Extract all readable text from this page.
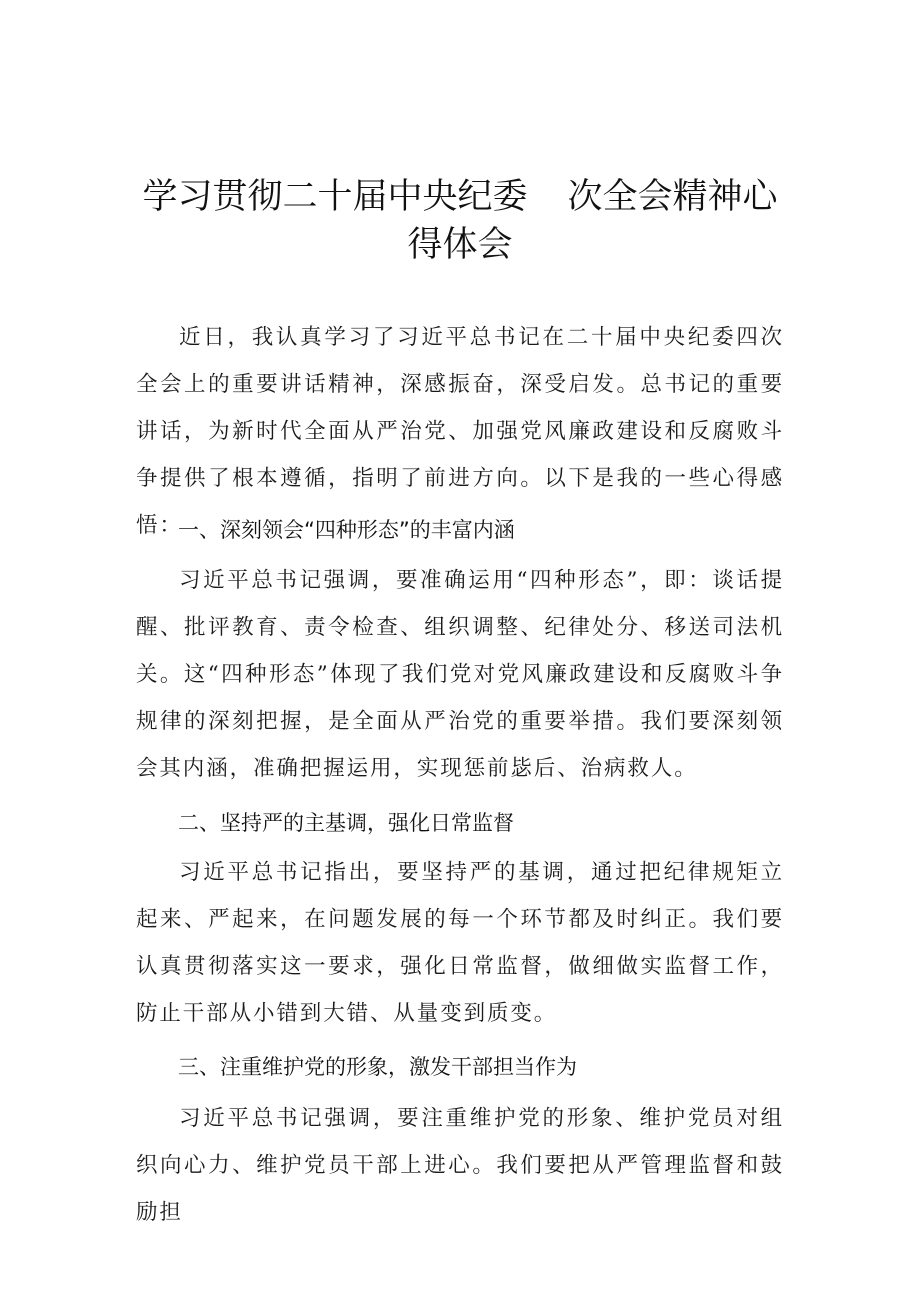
学习贯彻二十届中央纪委 次全会精神心
得体会

近日，我认真学习了习近平总书记在二十届中央纪委四次全会上的重要讲话精神，深感振奋，深受启发。总书记的重要讲话，为新时代全面从严治党、加强党风廉政建设和反腐败斗争提供了根本遵循，指明了前进方向。以下是我的一些心得感悟：

一、深刻领会“四种形态”的丰富内涵

习近平总书记强调，要准确运用“四种形态”，即：谈话提醒、批评教育、责令检查、组织调整、纪律处分、移送司法机关。这“四种形态”体现了我们党对党风廉政建设和反腐败斗争规律的深刻把握，是全面从严治党的重要举措。我们要深刻领会其内涵，准确把握运用，实现惩前毖后、治病救人。

二、坚持严的主基调，强化日常监督

习近平总书记指出，要坚持严的基调，通过把纪律规矩立起来、严起来，在问题发展的每一个环节都及时纠正。我们要认真贯彻落实这一要求，强化日常监督，做细做实监督工作，防止干部从小错到大错、从量变到质变。

三、注重维护党的形象，激发干部担当作为

习近平总书记强调，要注重维护党的形象、维护党员对组织向心力、维护党员干部上进心。我们要把从严管理监督和鼓励担
